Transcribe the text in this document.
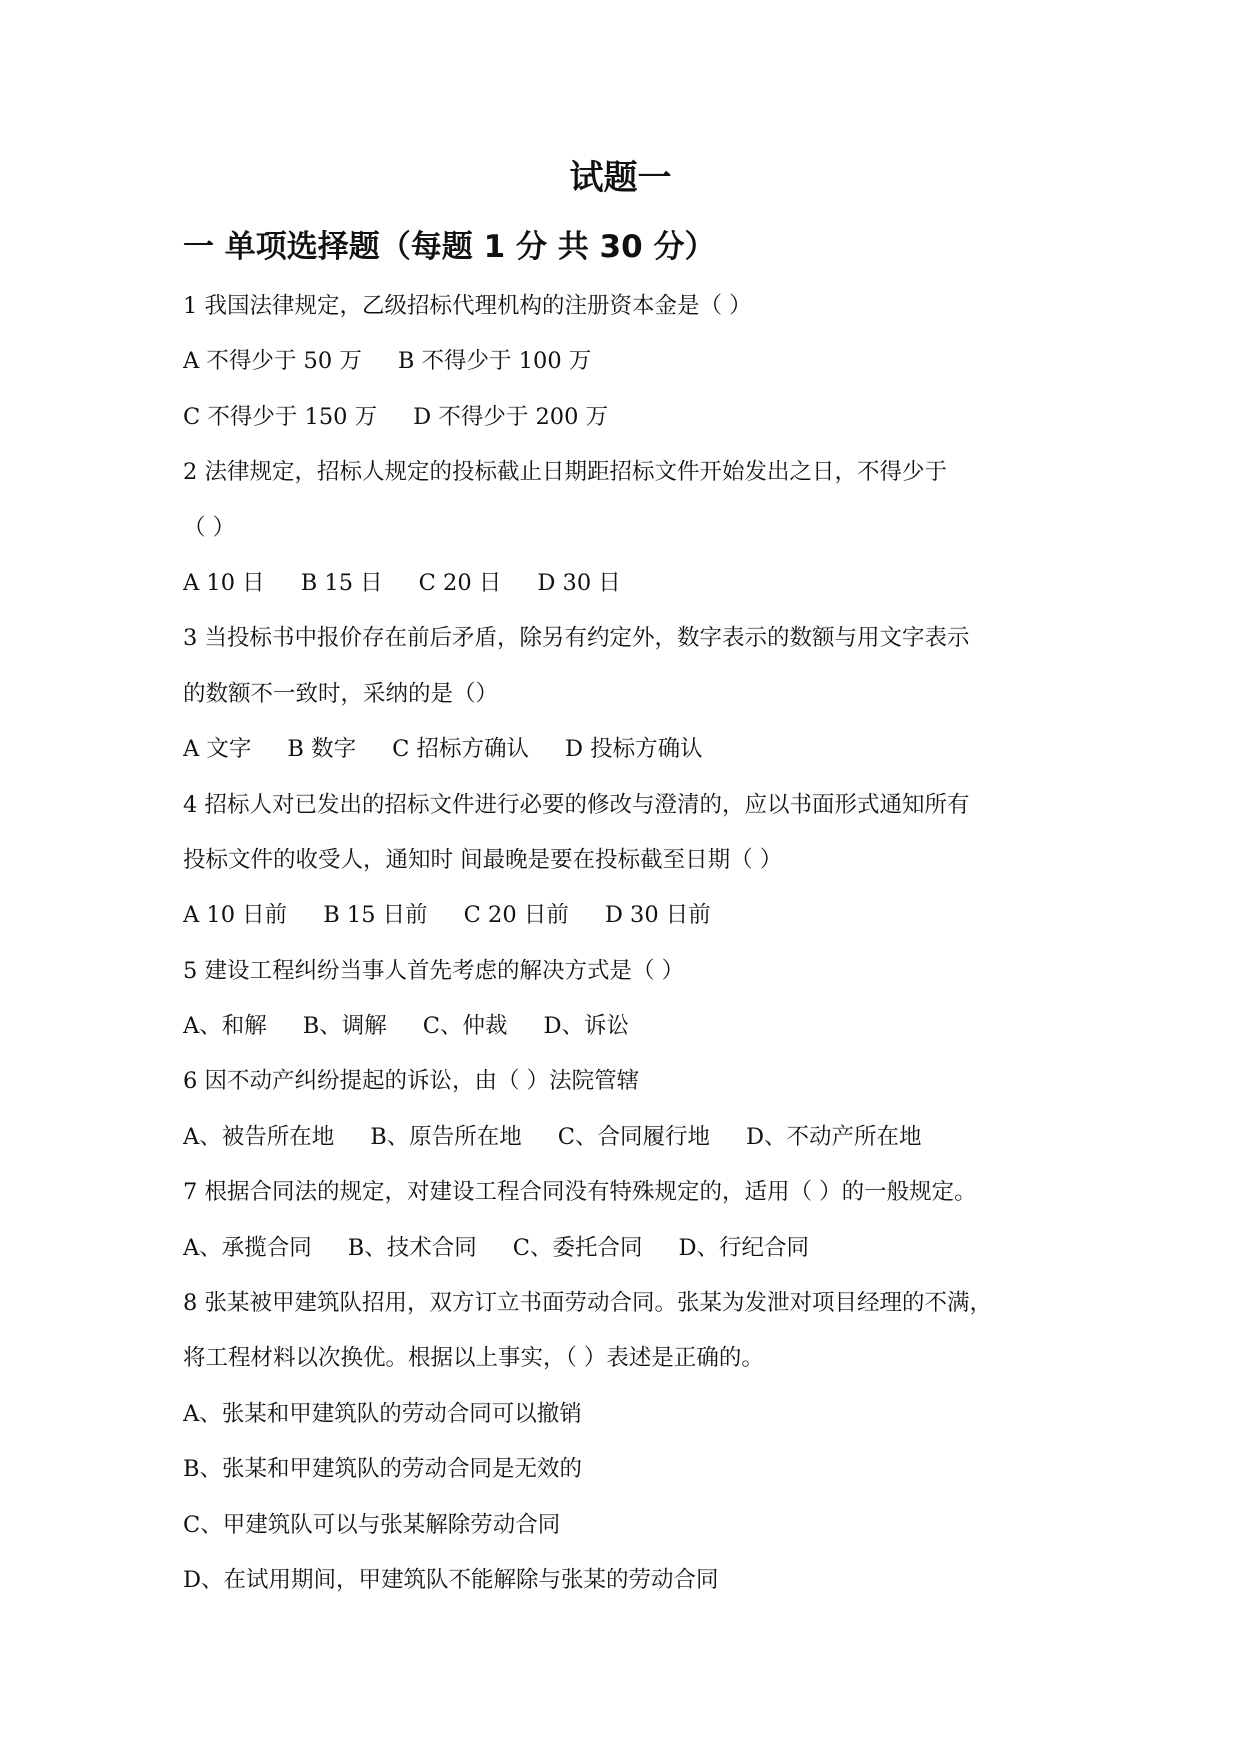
试题一
一 单项选择题（每题 1 分 共 30 分）
1 我国法律规定，乙级招标代理机构的注册资本金是（ ）
A 不得少于 50 万 B 不得少于 100 万
C 不得少于 150 万 D 不得少于 200 万
2 法律规定，招标人规定的投标截止日期距招标文件开始发出之日，不得少于
（ ）
A 10 日 B 15 日 C 20 日 D 30 日
3 当投标书中报价存在前后矛盾，除另有约定外，数字表示的数额与用文字表示
的数额不一致时，采纳的是（）
A 文字 B 数字 C 招标方确认 D 投标方确认
4 招标人对已发出的招标文件进行必要的修改与澄清的，应以书面形式通知所有
投标文件的收受人，通知时 间最晚是要在投标截至日期（ ）
A 10 日前 B 15 日前 C 20 日前 D 30 日前
5 建设工程纠纷当事人首先考虑的解决方式是（ ）
A、和解 B、调解 C、仲裁 D、诉讼
6 因不动产纠纷提起的诉讼，由（ ）法院管辖
A、被告所在地 B、原告所在地 C、合同履行地 D、不动产所在地
7 根据合同法的规定，对建设工程合同没有特殊规定的，适用（ ）的一般规定。
A、承揽合同 B、技术合同 C、委托合同 D、行纪合同
8 张某被甲建筑队招用，双方订立书面劳动合同。张某为发泄对项目经理的不满，
将工程材料以次换优。根据以上事实，（ ）表述是正确的。
A、张某和甲建筑队的劳动合同可以撤销
B、张某和甲建筑队的劳动合同是无效的
C、甲建筑队可以与张某解除劳动合同
D、在试用期间，甲建筑队不能解除与张某的劳动合同
